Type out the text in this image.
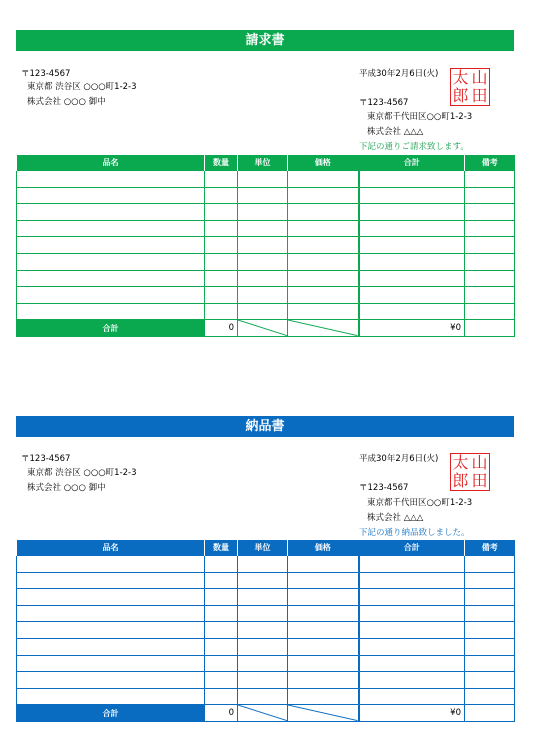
請求書
〒123-4567
東京都 渋谷区 ○○○町1-2-3
株式会社 ○○○ 御中
平成30年2月6日(火)
〒123-4567
東京都千代田区○○町1-2-3
株式会社 △△△
下記の通りご請求致します。
太 山
郎 田
品名	数量	単位	価格	合計	備考

合計	0			¥0	
納品書
〒123-4567
東京都 渋谷区 ○○○町1-2-3
株式会社 ○○○ 御中
平成30年2月6日(火)
〒123-4567
東京都千代田区○○町1-2-3
株式会社 △△△
下記の通り納品致しました。
太 山
郎 田
品名	数量	単位	価格	合計	備考

合計	0			¥0	
